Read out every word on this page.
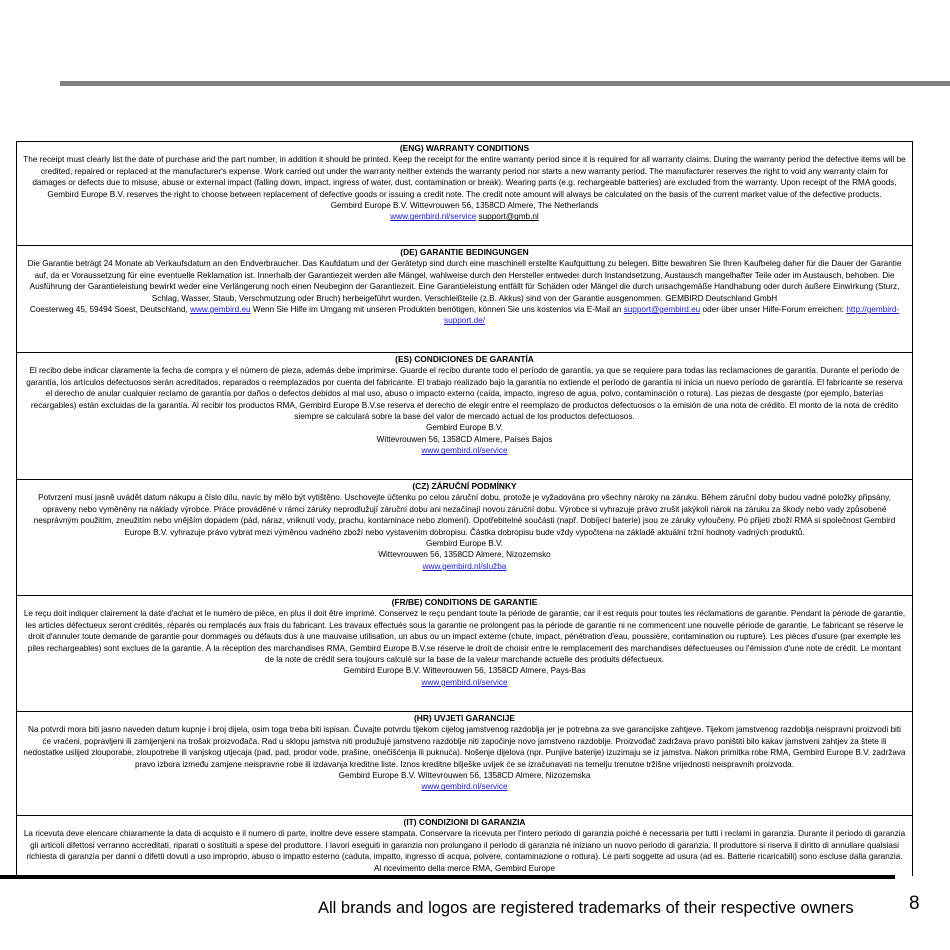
(ENG) WARRANTY CONDITIONS

The receipt must clearly list the date of purchase and the part number, in addition it should be printed. Keep the receipt for the entire warranty period since it is required for all warranty claims. During the warranty period the defective items will be credited, repaired or replaced at the manufacturer's expense. Work carried out under the warranty neither extends the warranty period nor starts a new warranty period. The manufacturer reserves the right to void any warranty claim for damages or defects due to misuse, abuse or external impact (falling down, impact, ingress of water, dust, contamination or break). Wearing parts (e.g. rechargeable batteries) are excluded from the warranty. Upon receipt of the RMA goods, Gembird Europe B.V. reserves the right to choose between replacement of defective goods or issuing a credit note. The credit note amount will always be calculated on the basis of the current market value of the defective products.

Gembird Europe B.V. Wittevrouwen 56, 1358CD Almere, The Netherlands

www.gembird.nl/service support@gmb.nl

(DE) GARANTIE BEDINGUNGEN

Die Garantie beträgt 24 Monate ab Verkaufsdatum an den Endverbraucher. Das Kaufdatum und der Gerätetyp sind durch eine maschinell erstellte Kaufquittung zu belegen. Bitte bewahren Sie Ihren Kaufbeleg daher für die Dauer der Garantie auf, da er Voraussetzung für eine eventuelle Reklamation ist. Innerhalb der Garantiezeit werden alle Mängel, wahlweise durch den Hersteller entweder durch Instandsetzung, Austausch mangelhafter Teile oder im Austausch, behoben. Die Ausführung der Garantieleistung bewirkt weder eine Verlängerung noch einen Neubeginn der Garantiezeit. Eine Garantieleistung entfällt für Schäden oder Mängel die durch unsachgemäße Handhabung oder durch äußere Einwirkung (Sturz, Schlag, Wasser, Staub, Verschmutzung oder Bruch) herbeigeführt wurden. Verschleißteile (z.B. Akkus) sind von der Garantie ausgenommen. GEMBIRD Deutschland GmbH

Coesterweg 45, 59494 Soest, Deutschland, www.gembird.eu Wenn Sie Hilfe im Umgang mit unseren Produkten benötigen, können Sie uns kostenlos via E-Mail an support@gembird.eu oder über unser Hilfe-Forum erreichen: http://gembird-support.de/

(ES) CONDICIONES DE GARANTÍA

El recibo debe indicar claramente la fecha de compra y el número de pieza, además debe imprimirse. Guarde el recibo durante todo el período de garantía, ya que se requiere para todas las reclamaciones de garantía. Durante el período de garantía, los artículos defectuosos serán acreditados, reparados o reemplazados por cuenta del fabricante. El trabajo realizado bajo la garantía no extiende el período de garantía ni inicia un nuevo período de garantía. El fabricante se reserva el derecho de anular cualquier reclamo de garantía por daños o defectos debidos al mal uso, abuso o impacto externo (caída, impacto, ingreso de agua, polvo, contaminación o rotura). Las piezas de desgaste (por ejemplo, baterías recargables) están excluidas de la garantía. Al recibir los productos RMA, Gembird Europe B.V.se reserva el derecho de elegir entre el reemplazo de productos defectuosos o la emisión de una nota de crédito. El monto de la nota de crédito siempre se calculará sobre la base del valor de mercado actual de los productos defectuosos.

Gembird Europe B.V.

Wittevrouwen 56, 1358CD Almere, Países Bajos

www.gembird.nl/service

(CZ) ZÁRUČNÍ PODMÍNKY

Potvrzení musí jasně uvádět datum nákupu a číslo dílu, navíc by mělo být vytištěno. Uschovejte účtenku po celou záruční dobu, protože je vyžadována pro všechny nároky na záruku. Během záruční doby budou vadné položky připsány, opraveny nebo vyměněny na náklady výrobce. Práce prováděné v rámci záruky neprodlužují záruční dobu ani nezačínají novou záruční dobu. Výrobce si vyhrazuje právo zrušit jakýkoli nárok na záruku za škody nebo vady způsobené nesprávným použitím, zneužitím nebo vnějším dopadem (pád, náraz, vniknutí vody, prachu, kontaminace nebo zlomení). Opotřebitelné součásti (např. Dobíjecí baterie) jsou ze záruky vyloučeny. Po přijetí zboží RMA si společnost Gembird Europe B.V. vyhrazuje právo vybrat mezi výměnou vadného zboží nebo vystavením dobropisu. Částka dobropisu bude vždy vypočtena na základě aktuální tržní hodnoty vadných produktů.

Gembird Europe B.V.

Wittevrouwen 56, 1358CD Almere, Nizozemsko

www.gembird.nl/služba

(FR/BE) CONDITIONS DE GARANTIE

Le reçu doit indiquer clairement la date d'achat et le numéro de pièce, en plus il doit être imprimé. Conservez le reçu pendant toute la période de garantie, car il est requis pour toutes les réclamations de garantie. Pendant la période de garantie, les articles défectueux seront crédités, réparés ou remplacés aux frais du fabricant. Les travaux effectués sous la garantie ne prolongent pas la période de garantie ni ne commencent une nouvelle période de garantie. Le fabricant se réserve le droit d'annuler toute demande de garantie pour dommages ou défauts dus à une mauvaise utilisation, un abus ou un impact externe (chute, impact, pénétration d'eau, poussière, contamination ou rupture). Les pièces d'usure (par exemple les piles rechargeables) sont exclues de la garantie. À la réception des marchandises RMA, Gembird Europe B.V.se réserve le droit de choisir entre le remplacement des marchandises défectueuses ou l'émission d'une note de crédit. Le montant de la note de crédit sera toujours calculé sur la base de la valeur marchande actuelle des produits défectueux.

Gembird Europe B.V. Wittevrouwen 56, 1358CD Almere, Pays-Bas

www.gembird.nl/service

(HR) UVJETI GARANCIJE

Na potvrdi mora biti jasno naveden datum kupnje i broj dijela, osim toga treba biti ispisan. Čuvajte potvrdu tijekom cijelog jamstvenog razdoblja jer je potrebna za sve garancijske zahtjeve. Tijekom jamstvenog razdoblja neispravni proizvodi biti će vraćeni, popravljeni ili zamijenjeni na trošak proizvođača. Rad u sklopu jamstva niti produžuje jamstveno razdoblje niti započinje novo jamstveno razdoblje. Proizvođač zadržava pravo poništiti bilo kakav jamstveni zahtjev za štete ili nedostatke uslijed zlouporabe, zloupotrebe ili vanjskog utjecaja (pad, pad, prodor vode, prašine, onečišćenja ili puknuća). Nošenje dijelova (npr. Punjive baterije) izuzimaju se iz jamstva. Nakon primitka robe RMA, Gembird Europe B.V. zadržava pravo izbora između zamjene neispravne robe ili izdavanja kreditne liste. Iznos kreditne bilješke uvijek će se izračunavati na temelju trenutne tržišne vrijednosti neispravnih proizvoda.

Gembird Europe B.V. Wittevrouwen 56, 1358CD Almere, Nizozemska

www.gembird.nl/service

(IT) CONDIZIONI DI GARANZIA

La ricevuta deve elencare chiaramente la data di acquisto e il numero di parte, inoltre deve essere stampata. Conservare la ricevuta per l'intero periodo di garanzia poiché è necessaria per tutti i reclami in garanzia. Durante il periodo di garanzia gli articoli difettosi verranno accreditati, riparati o sostituiti a spese del produttore. I lavori eseguiti in garanzia non prolungano il periodo di garanzia né iniziano un nuovo periodo di garanzia. Il produttore si riserva il diritto di annullare qualsiasi richiesta di garanzia per danni o difetti dovuti a uso improprio, abuso o impatto esterno (caduta, impatto, ingresso di acqua, polvere, contaminazione o rottura). Le parti soggette ad usura (ad es. Batterie ricaricabili) sono escluse dalla garanzia. Al ricevimento della merce RMA, Gembird Europe

All brands and logos are registered trademarks of their respective owners	8
